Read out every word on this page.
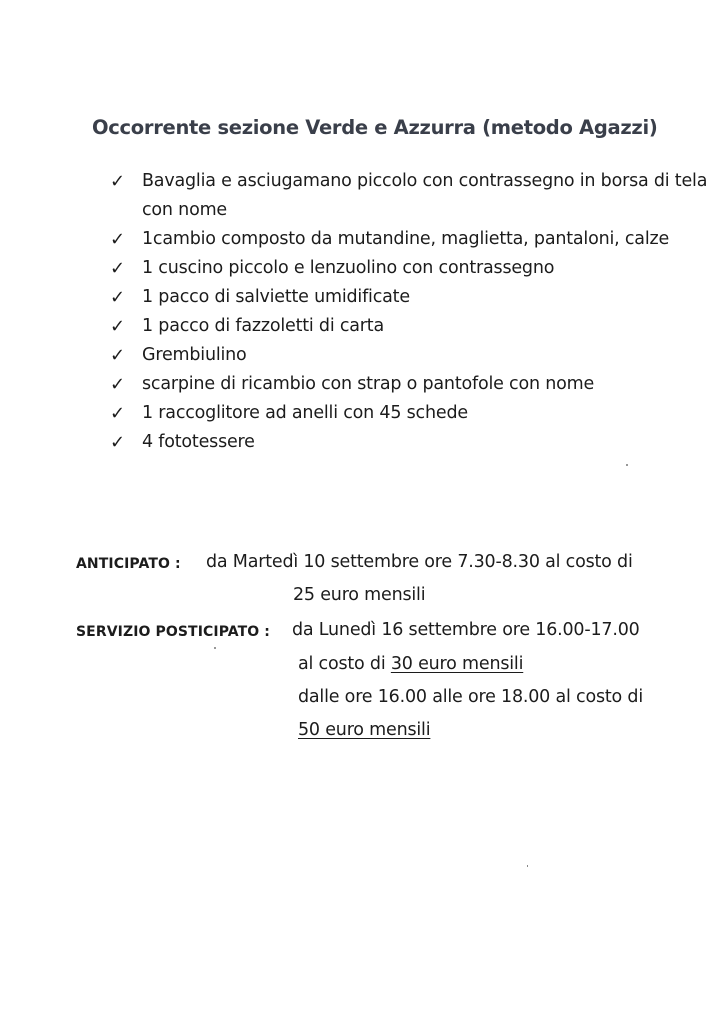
Occorrente sezione Verde e Azzurra (metodo Agazzi)
✓ Bavaglia e asciugamano piccolo con contrassegno in borsa di tela con nome
✓ 1cambio composto da mutandine, maglietta, pantaloni, calze
✓ 1 cuscino piccolo e lenzuolino con contrassegno
✓ 1 pacco di salviette umidificate
✓ 1 pacco di fazzoletti di carta
✓ Grembiulino
✓ scarpine di ricambio con strap o pantofole con nome
✓ 1 raccoglitore ad anelli con 45 schede
✓ 4 fototessere
ANTICIPATO : da Martedì 10 settembre ore 7.30-8.30 al costo di
25 euro mensili
SERVIZIO POSTICIPATO : da Lunedì 16 settembre ore 16.00-17.00
al costo di 30 euro mensili
dalle ore 16.00 alle ore 18.00 al costo di
50 euro mensili
